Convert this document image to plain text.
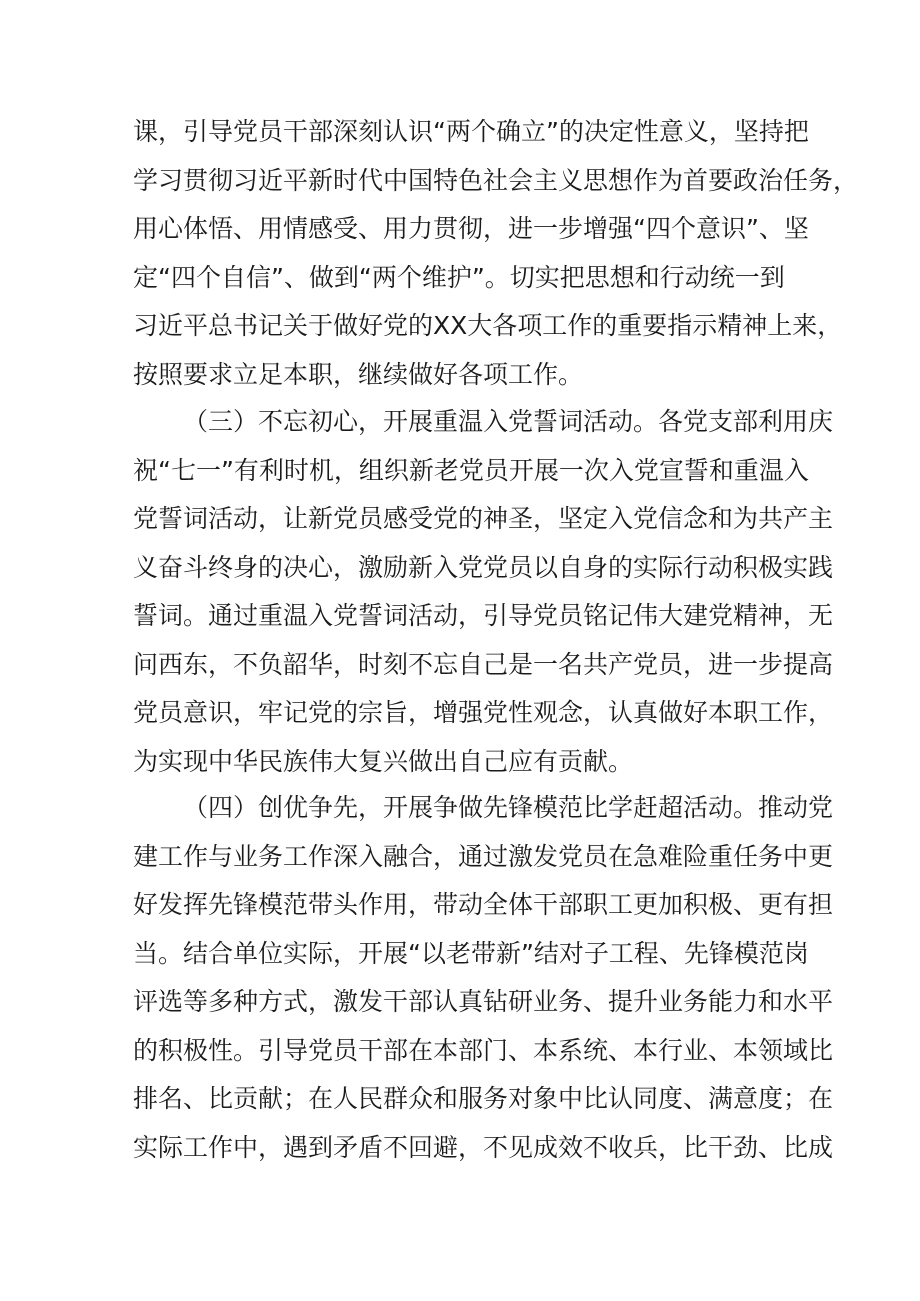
课，引导党员干部深刻认识“两个确立”的决定性意义，坚持把
学习贯彻习近平新时代中国特色社会主义思想作为首要政治任务，
用心体悟、用情感受、用力贯彻，进一步增强“四个意识”、坚
定“四个自信”、做到“两个维护”。切实把思想和行动统一到
习近平总书记关于做好党的XX大各项工作的重要指示精神上来，
按照要求立足本职，继续做好各项工作。
（三）不忘初心，开展重温入党誓词活动。各党支部利用庆
祝“七一”有利时机，组织新老党员开展一次入党宣誓和重温入
党誓词活动，让新党员感受党的神圣，坚定入党信念和为共产主
义奋斗终身的决心，激励新入党党员以自身的实际行动积极实践
誓词。通过重温入党誓词活动，引导党员铭记伟大建党精神，无
问西东，不负韶华，时刻不忘自己是一名共产党员，进一步提高
党员意识，牢记党的宗旨，增强党性观念，认真做好本职工作，
为实现中华民族伟大复兴做出自己应有贡献。
（四）创优争先，开展争做先锋模范比学赶超活动。推动党
建工作与业务工作深入融合，通过激发党员在急难险重任务中更
好发挥先锋模范带头作用，带动全体干部职工更加积极、更有担
当。结合单位实际，开展“以老带新”结对子工程、先锋模范岗
评选等多种方式，激发干部认真钻研业务、提升业务能力和水平
的积极性。引导党员干部在本部门、本系统、本行业、本领域比
排名、比贡献；在人民群众和服务对象中比认同度、满意度；在
实际工作中，遇到矛盾不回避，不见成效不收兵，比干劲、比成
